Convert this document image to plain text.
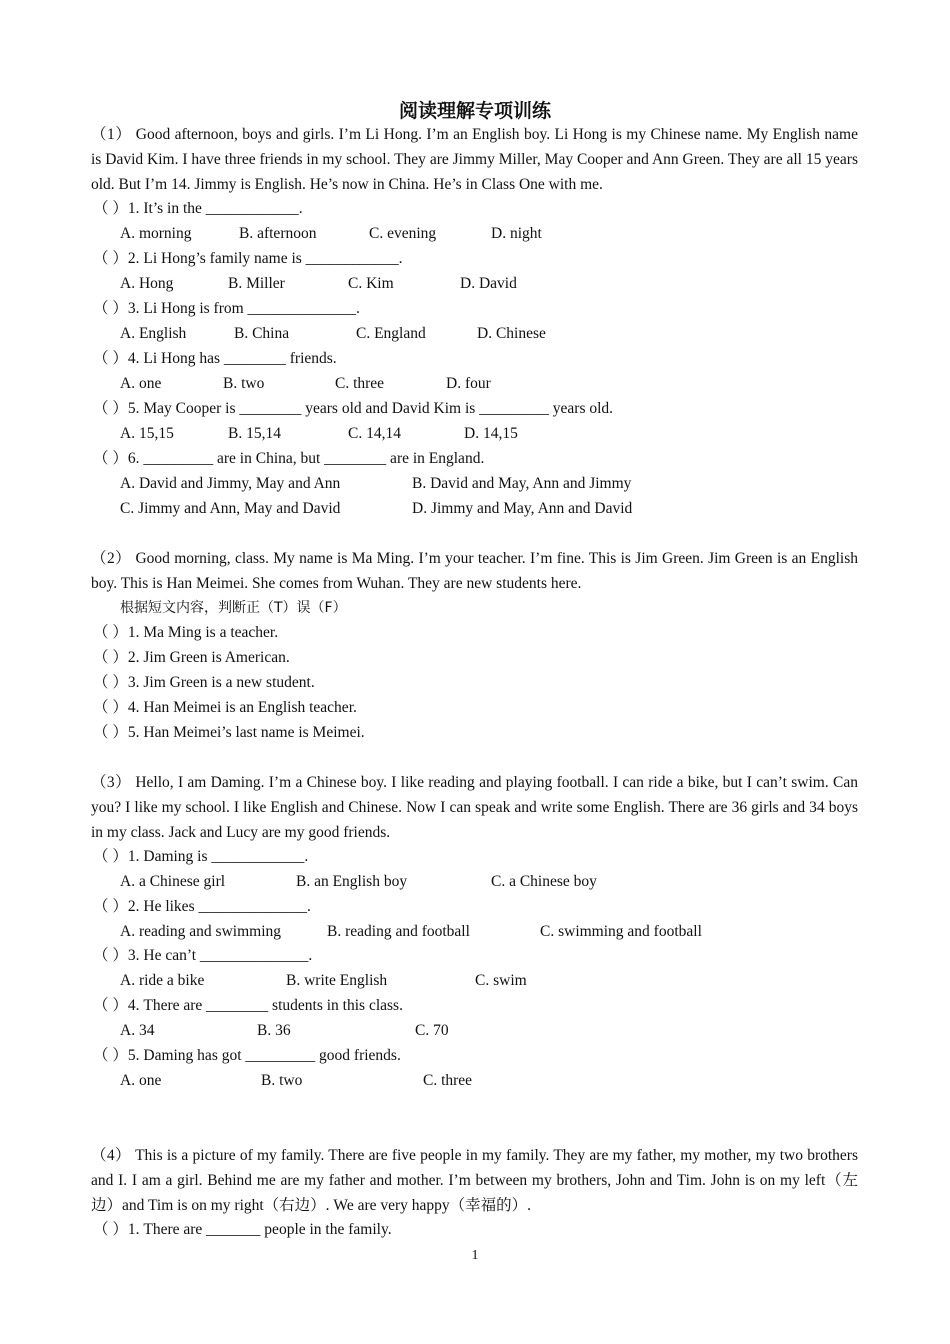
阅读理解专项训练
（1） Good afternoon, boys and girls. I’m Li Hong. I’m an English boy. Li Hong is my Chinese name. My English name is David Kim. I have three friends in my school. They are Jimmy Miller, May Cooper and Ann Green. They are all 15 years old. But I’m 14. Jimmy is English. He’s now in China. He’s in Class One with me.
（ ）1. It’s in the ____________.
A. morning	B. afternoon	C. evening	D. night
（ ）2. Li Hong’s family name is ____________.
A. Hong	B. Miller	C. Kim	D. David
（ ）3. Li Hong is from ______________.
A. English	B. China	C. England	D. Chinese
（ ）4. Li Hong has ________ friends.
A. one	B. two	C. three	D. four
（ ）5. May Cooper is ________ years old and David Kim is _________ years old.
A. 15,15	B. 15,14	C. 14,14	D. 14,15
（ ）6. _________ are in China, but ________ are in England.
A. David and Jimmy, May and Ann	B. David and May, Ann and Jimmy
C. Jimmy and Ann, May and David	D. Jimmy and May, Ann and David
（2） Good morning, class. My name is Ma Ming. I’m your teacher. I’m fine. This is Jim Green. Jim Green is an English boy. This is Han Meimei. She comes from Wuhan. They are new students here.
根据短文内容，判断正（T）误（F）
（ ）1. Ma Ming is a teacher.
（ ）2. Jim Green is American.
（ ）3. Jim Green is a new student.
（ ）4. Han Meimei is an English teacher.
（ ）5. Han Meimei’s last name is Meimei.
（3） Hello, I am Daming. I’m a Chinese boy. I like reading and playing football. I can ride a bike, but I can’t swim. Can you? I like my school. I like English and Chinese. Now I can speak and write some English. There are 36 girls and 34 boys in my class. Jack and Lucy are my good friends.
（ ）1. Daming is ____________.
A. a Chinese girl	B. an English boy	C. a Chinese boy
（ ）2. He likes ______________.
A. reading and swimming	B. reading and football	C. swimming and football
（ ）3. He can’t ______________.
A. ride a bike	B. write English	C. swim
（ ）4. There are ________ students in this class.
A. 34	B. 36	C. 70
（ ）5. Daming has got _________ good friends.
A. one	B. two	C. three
（4） This is a picture of my family. There are five people in my family. They are my father, my mother, my two brothers and I. I am a girl. Behind me are my father and mother. I’m between my brothers, John and Tim. John is on my left（左边）and Tim is on my right（右边）. We are very happy（幸福的）.
（ ）1. There are _______ people in the family.
1
